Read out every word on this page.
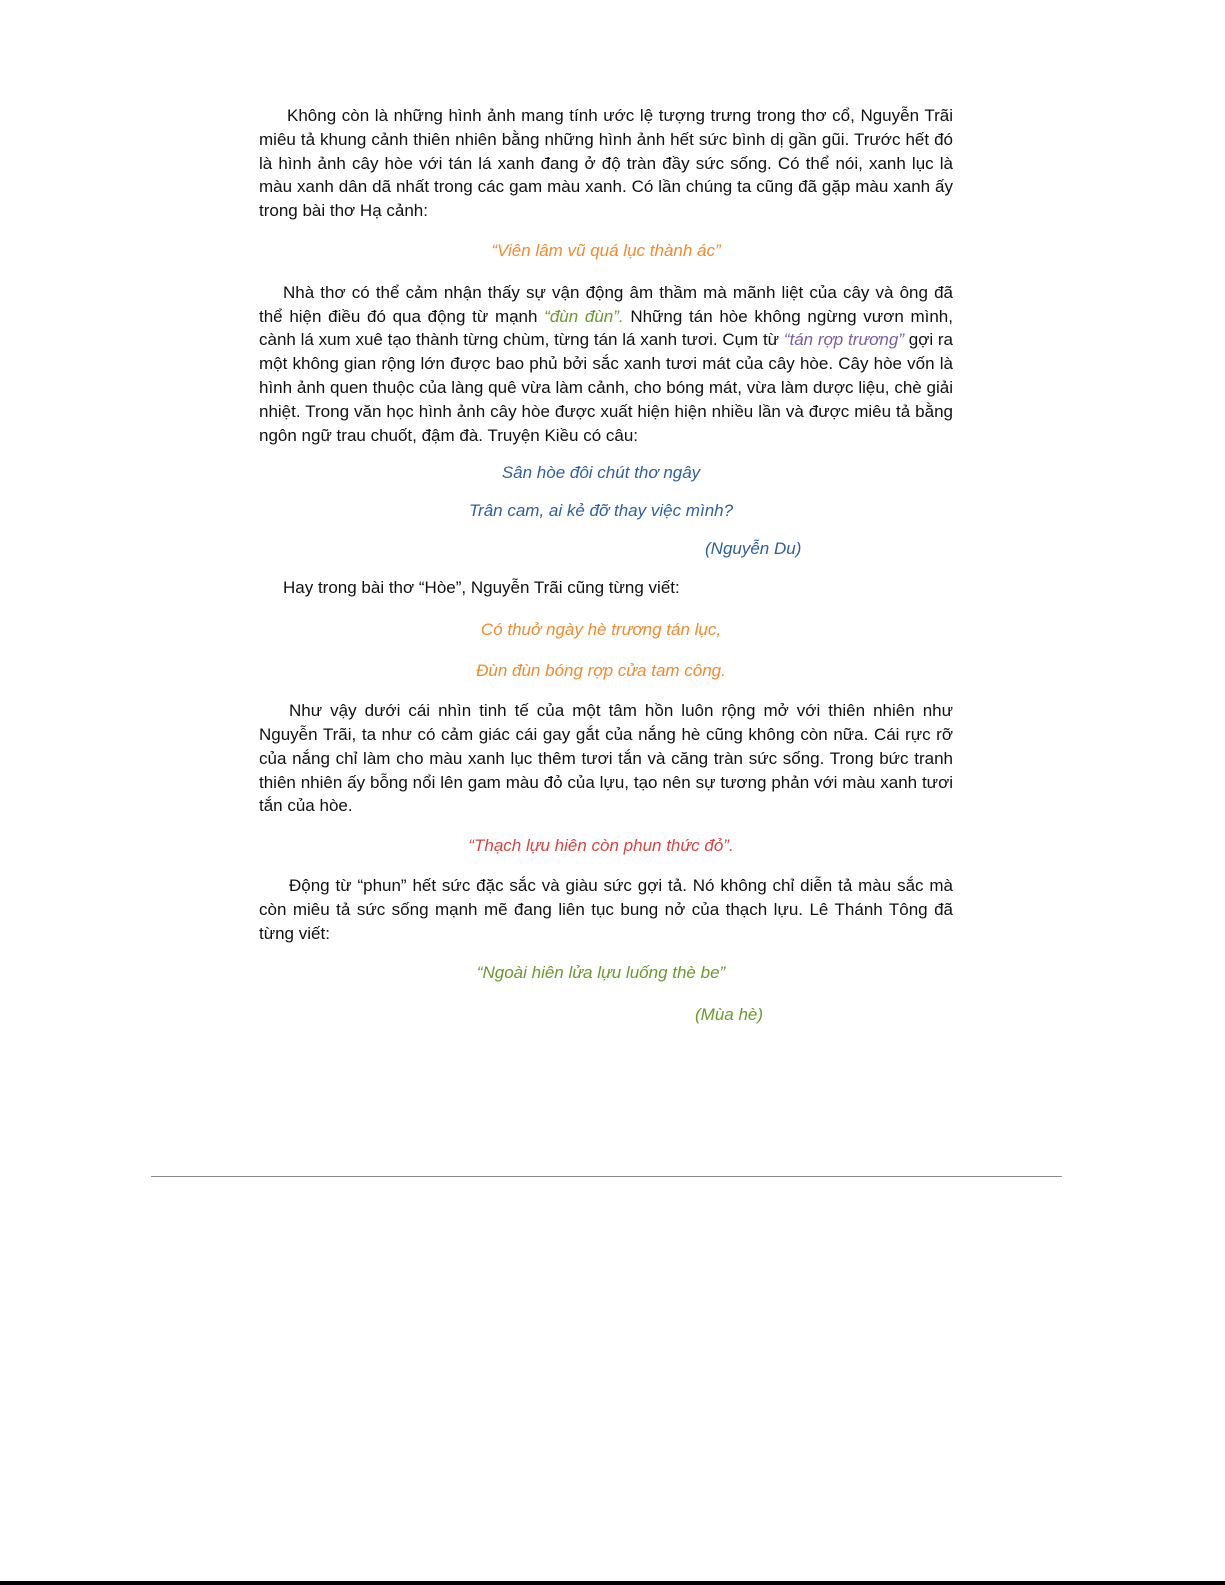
Không còn là những hình ảnh mang tính ước lệ tượng trưng trong thơ cổ, Nguyễn Trãi miêu tả khung cảnh thiên nhiên bằng những hình ảnh hết sức bình dị gần gũi. Trước hết đó là hình ảnh cây hòe với tán lá xanh đang ở độ tràn đầy sức sống. Có thể nói, xanh lục là màu xanh dân dã nhất trong các gam màu xanh. Có lần chúng ta cũng đã gặp màu xanh ấy trong bài thơ Hạ cảnh:

“Viên lâm vũ quá lục thành ác”

Nhà thơ có thể cảm nhận thấy sự vận động âm thầm mà mãnh liệt của cây và ông đã thể hiện điều đó qua động từ mạnh “đùn đùn”. Những tán hòe không ngừng vươn mình, cành lá xum xuê tạo thành từng chùm, từng tán lá xanh tươi. Cụm từ “tán rợp trương” gợi ra một không gian rộng lớn được bao phủ bởi sắc xanh tươi mát của cây hòe. Cây hòe vốn là hình ảnh quen thuộc của làng quê vừa làm cảnh, cho bóng mát, vừa làm dược liệu, chè giải nhiệt. Trong văn học hình ảnh cây hòe được xuất hiện hiện nhiều lần và được miêu tả bằng ngôn ngữ trau chuốt, đậm đà. Truyện Kiều có câu:

Sân hòe đôi chút thơ ngây

Trân cam, ai kẻ đỡ thay việc mình?

(Nguyễn Du)

Hay trong bài thơ “Hòe”, Nguyễn Trãi cũng từng viết:

Có thuở ngày hè trương tán lục,

Đùn đùn bóng rợp cửa tam công.

Như vậy dưới cái nhìn tinh tế của một tâm hồn luôn rộng mở với thiên nhiên như Nguyễn Trãi, ta như có cảm giác cái gay gắt của nắng hè cũng không còn nữa. Cái rực rỡ của nắng chỉ làm cho màu xanh lục thêm tươi tắn và căng tràn sức sống. Trong bức tranh thiên nhiên ấy bỗng nổi lên gam màu đỏ của lựu, tạo nên sự tương phản với màu xanh tươi tắn của hòe.

“Thạch lựu hiên còn phun thức đỏ”.

Động từ “phun” hết sức đặc sắc và giàu sức gợi tả. Nó không chỉ diễn tả màu sắc mà còn miêu tả sức sống mạnh mẽ đang liên tục bung nở của thạch lựu. Lê Thánh Tông đã từng viết:

“Ngoài hiên lửa lựu luống thè be”

(Mùa hè)
